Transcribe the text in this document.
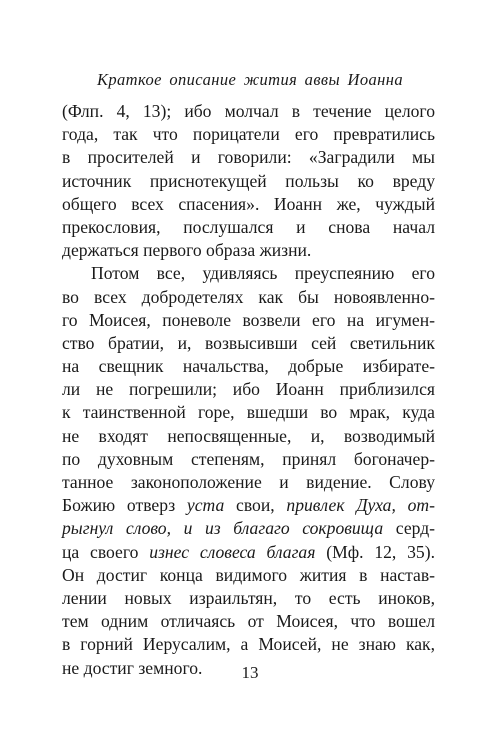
Краткое описание жития аввы Иоанна
(Флп. 4, 13); ибо молчал в течение целого
года, так что порицатели его превратились
в просителей и говорили: «Заградили мы
источник приснотекущей пользы ко вреду
общего всех спасения». Иоанн же, чуждый
прекословия, послушался и снова начал
держаться первого образа жизни.
Потом все, удивляясь преуспеянию его
во всех добродетелях как бы новоявленно-
го Моисея, поневоле возвели его на игумен-
ство братии, и, возвысивши сей светильник
на свещник начальства, добрые избирате-
ли не погрешили; ибо Иоанн приблизился
к таинственной горе, вшедши во мрак, куда
не входят непосвященные, и, возводимый
по духовным степеням, принял богоначер-
танное законоположение и видение. Слову
Божию отверз уста свои, привлек Духа, от-
рыгнул слово, и из благаго сокровища серд-
ца своего изнес словеса благая (Мф. 12, 35).
Он достиг конца видимого жития в настав-
лении новых израильтян, то есть иноков,
тем одним отличаясь от Моисея, что вошел
в горний Иерусалим, а Моисей, не знаю как,
не достиг земного.	13
